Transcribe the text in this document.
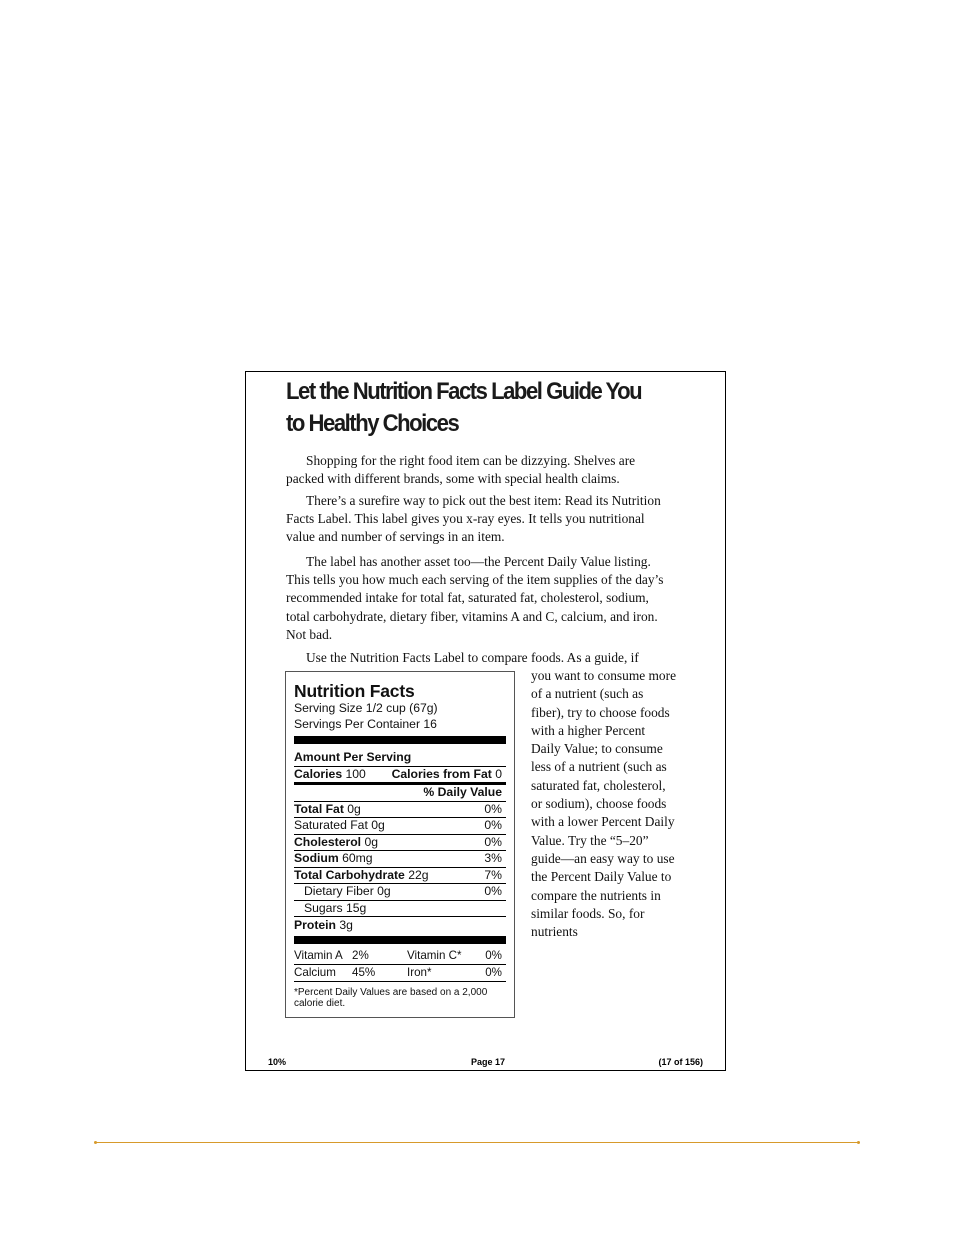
Let the Nutrition Facts Label Guide You
to Healthy Choices

Shopping for the right food item can be dizzying. Shelves are packed with different brands, some with special health claims.

There’s a surefire way to pick out the best item: Read its Nutrition Facts Label. This label gives you x-ray eyes. It tells you nutritional value and number of servings in an item.

The label has another asset too—the Percent Daily Value listing. This tells you how much each serving of the item supplies of the day’s recommended intake for total fat, saturated fat, cholesterol, sodium, total carbohydrate, dietary fiber, vitamins A and C, calcium, and iron. Not bad.

Use the Nutrition Facts Label to compare foods. As a guide, if

you want to consume more of a nutrient (such as fiber), try to choose foods with a higher Percent Daily Value; to consume less of a nutrient (such as saturated fat, cholesterol, or sodium), choose foods with a lower Percent Daily Value. Try the “5–20” guide—an easy way to use the Percent Daily Value to compare the nutrients in similar foods. So, for nutrients

Nutrition Facts
Serving Size 1/2 cup (67g)
Servings Per Container 16
Amount Per Serving
Calories 100 Calories from Fat 0
% Daily Value
Total Fat 0g	0%
Saturated Fat 0g	0%
Cholesterol 0g	0%
Sodium 60mg	3%
Total Carbohydrate 22g	7%
Dietary Fiber 0g	0%
Sugars 15g
Protein 3g
Vitamin A 2%	Vitamin C*	0%
Calcium	45%	Iron*	0%
*Percent Daily Values are based on a 2,000 calorie diet.
10%	Page 17	(17 of 156)
